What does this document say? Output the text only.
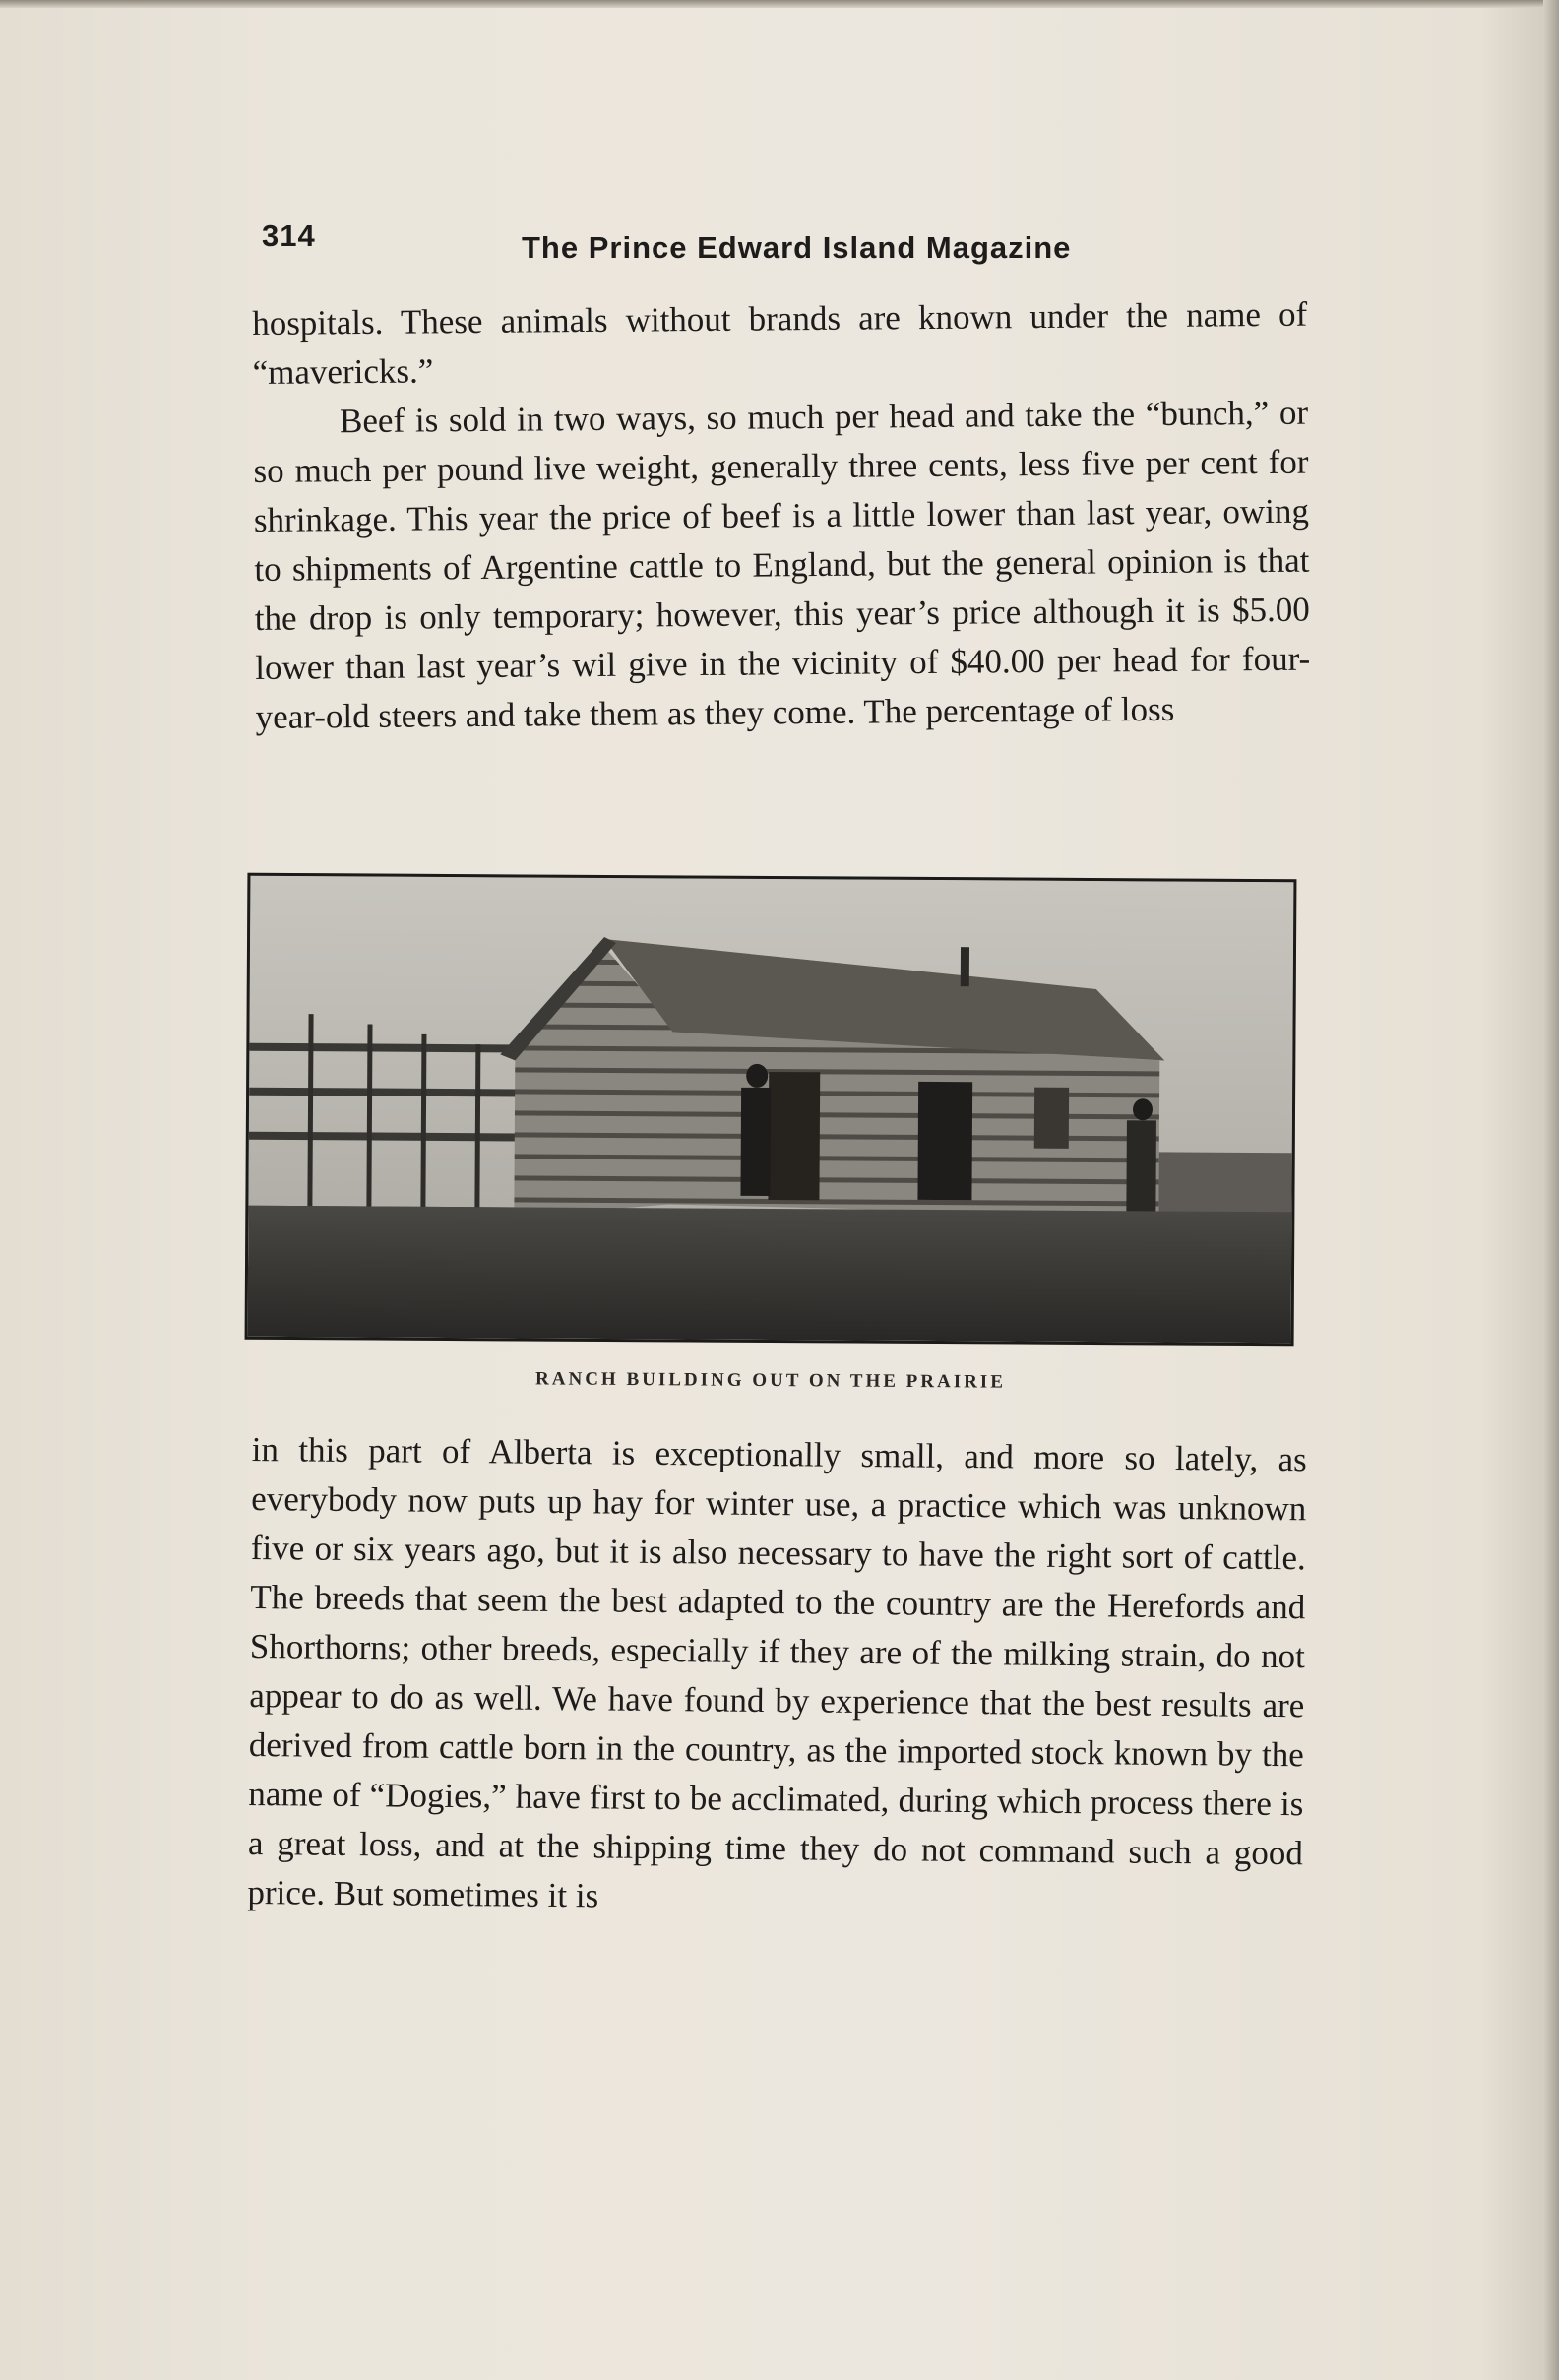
314	The Prince Edward Island Magazine

hospitals. These animals without brands are known under the name of “mavericks.”

Beef is sold in two ways, so much per head and take the “bunch,” or so much per pound live weight, generally three cents, less five per cent for shrinkage. This year the price of beef is a little lower than last year, owing to shipments of Argentine cattle to England, but the general opinion is that the drop is only temporary; however, this year’s price although it is $5.00 lower than last year’s wil give in the vicinity of $40.00 per head for four-year-old steers and take them as they come. The percentage of loss

RANCH BUILDING OUT ON THE PRAIRIE

in this part of Alberta is exceptionally small, and more so lately, as everybody now puts up hay for winter use, a practice which was unknown five or six years ago, but it is also necessary to have the right sort of cattle. The breeds that seem the best adapted to the country are the Herefords and Shorthorns; other breeds, especially if they are of the milking strain, do not appear to do as well. We have found by experience that the best results are derived from cattle born in the country, as the imported stock known by the name of “Dogies,” have first to be acclimated, during which process there is a great loss, and at the shipping time they do not command such a good price. But sometimes it is
